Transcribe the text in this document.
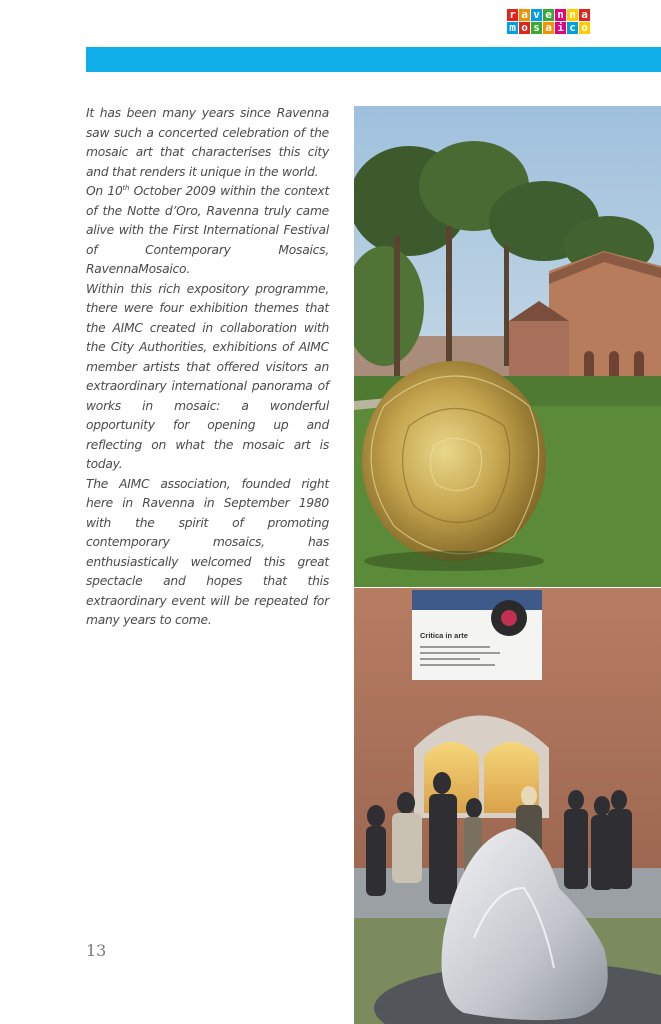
r a v e n n a
m o s a i c o

It has been many years since Ravenna saw such a concerted celebration of the mosaic art that characterises this city and that renders it unique in the world.

On 10th October 2009 within the context of the Notte d’Oro, Ravenna truly came alive with the First International Festival of Contemporary Mosaics, RavennaMosaico.

Within this rich expository programme, there were four exhibition themes that the AIMC created in collaboration with the City Authorities, exhibitions of AIMC member artists that offered visitors an extraordinary international panorama of works in mosaic: a wonderful opportunity for opening up and reflecting on what the mosaic art is today.

The AIMC association, founded right here in Ravenna in September 1980 with the spirit of promoting contemporary mosaics, has enthusiastically welcomed this great spectacle and hopes that this extraordinary event will be repeated for many years to come.

13
Critica in arte
